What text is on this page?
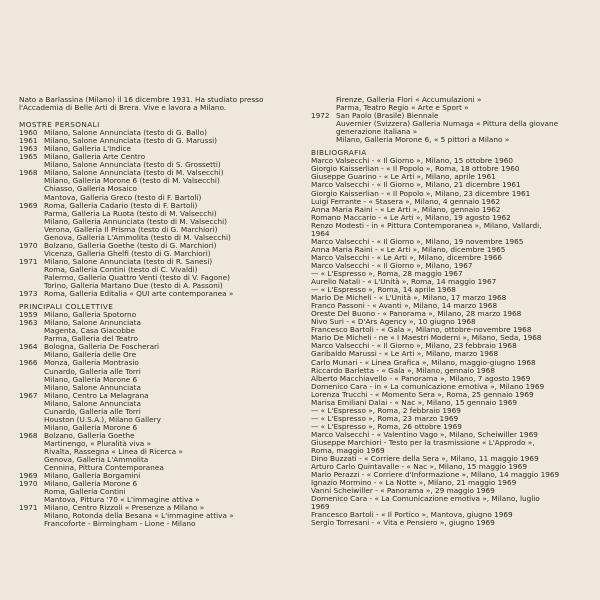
Nato a Barlassina (Milano) il 16 dicembre 1931. Ha studiato presso
l'Accademia di Belle Arti di Brera. Vive e lavora a Milano.
MOSTRE PERSONALI
1960 Milano, Salone Annunciata (testo di G. Ballo)
1961 Milano, Salone Annunciata (testo di G. Marussi)
1963 Milano, Galleria L'Indice
1965 Milano, Galleria Arte Centro
Milano, Salone Annunciata (testo di S. Grossetti)
1968 Milano, Salone Annunciata (testo di M. Valsecchi)
Milano, Galleria Morone 6 (testo di M. Valsecchi)
Chiasso, Galleria Mosaico
Mantova, Galleria Greco (testo di F. Bartoli)
1969 Roma, Galleria Cadario (testo di F. Bartoli)
Parma, Galleria La Ruota (testo di M. Valsecchi)
Milano, Galleria Annunciata (testo di M. Valsecchi)
Verona, Galleria Il Prisma (testo di G. Marchiori)
Genova, Galleria L'Ammolita (testo di M. Valsecchi)
1970 Bolzano, Galleria Goethe (testo di G. Marchiori)
Vicenza, Galleria Ghelfi (testo di G. Marchiori)
1971 Milano, Salone Annunciata (testo di R. Sanesi)
Roma, Galleria Contini (testo di C. Vivaldi)
Palermo, Galleria Quattro Venti (testo di V. Fagone)
Torino, Galleria Martano Due (testo di A. Passoni)
1973 Roma, Galleria Editalia « QUI arte contemporanea »
PRINCIPALI COLLETTIVE
1959 Milano, Galleria Spotorno
1963 Milano, Salone Annunciata
Magenta, Casa Giacobbe
Parma, Galleria del Teatro
1964 Bologna, Galleria De Foscherari
Milano, Galleria delle Ore
1966 Monza, Galleria Montrasio
Cunardo, Galleria alle Torri
Milano, Galleria Morone 6
Milano, Salone Annunciata
1967 Milano, Centro La Melagrana
Milano, Salone Annunciata
Cunardo, Galleria alle Torri
Houston (U.S.A.), Milano Gallery
Milano, Galleria Morone 6
1968 Bolzano, Galleria Goethe
Martinengo, « Pluralità viva »
Rivalta, Rassegna « Linea di Ricerca »
Genova, Galleria L'Ammolita
Cennina, Pittura Contemporanea
1969 Milano, Galleria Borgamini
1970 Milano, Galleria Morone 6
Roma, Galleria Contini
Mantova, Pittura '70 « L'immagine attiva »
1971 Milano, Centro Rizzoli « Presenze a Milano »
Milano, Rotonda della Besana « L'immagine attiva »
Francoforte - Birmingham - Lione - Milano
Firenze, Galleria Flori « Accumulazioni »
Parma, Teatro Regio « Arte e Sport »
1972 San Paolo (Brasile) Biennale
Auvernier (Svizzera) Galleria Numaga « Pittura della giovane
generazione italiana »
Milano, Galleria Morone 6, « 5 pittori a Milano »
BIBLIOGRAFIA
Marco Valsecchi - « Il Giorno », Milano, 15 ottobre 1960
Giorgio Kaisserlian - « Il Popolo », Roma, 18 ottobre 1960
Giuseppe Guarino - « Le Arti », Milano, aprile 1961
Marco Valsecchi - « Il Giorno », Milano, 21 dicembre 1961
Giorgio Kaisserlian - « Il Popolo », Milano, 23 dicembre 1961
Luigi Ferrante - « Stasera », Milano, 4 gennaio 1962
Anna Maria Raini - « Le Arti », Milano, gennaio 1962
Romano Maccario - « Le Arti », Milano, 19 agosto 1962
Renzo Modesti - in « Pittura Contemporanea », Milano, Vallardi,
1964
Marco Valsecchi - « Il Giorno », Milano, 19 novembre 1965
Anna Maria Raini - « Le Arti », Milano, dicembre 1965
Marco Valsecchi - « Le Arti », Milano, dicembre 1966
Marco Valsecchi - « Il Giorno », Milano, 1967
— « L'Espresso », Roma, 28 maggio 1967
Aurelio Natali - « L'Unità », Roma, 14 maggio 1967
— « L'Espresso », Roma, 14 aprile 1968
Mario De Micheli - « L'Unità », Milano, 17 marzo 1968
Franco Passoni - « Avanti », Milano, 14 marzo 1968
Oreste Del Buono - « Panorama », Milano, 28 marzo 1968
Nivo Suri - « D'Ars Agency », 10 giugno 1968
Francesco Bartoli - « Gala », Milano, ottobre-novembre 1968
Mario De Micheli - ne « I Maestri Moderni », Milano, Seda, 1968
Marco Valsecchi - « Il Giorno », Milano, 23 febbraio 1968
Garibaldo Marussi - « Le Arti », Milano, marzo 1968
Carlo Munari - « Linea Grafica », Milano, maggio-giugno 1968
Riccardo Barletta - « Gala », Milano, gennaio 1968
Alberto Macchiavello - « Panorama », Milano, 7 agosto 1969
Domenico Cara - in « La comunicazione emotiva », Milano 1969
Lorenza Trucchi - « Momento Sera », Roma, 25 gennaio 1969
Marisa Emiliani Dalai - « Nac », Milano, 15 gennaio 1969
— « L'Espresso », Roma, 2 febbraio 1969
— « L'Espresso », Roma, 23 marzo 1969
— « L'Espresso », Roma, 26 ottobre 1969
Marco Valsecchi - « Valentino Vago », Milano, Scheiwiller 1969
Giuseppe Marchiori - Testo per la trasmissione « L'Approdo »,
Roma, maggio 1969
Dino Buzzati - « Corriere della Sera », Milano, 11 maggio 1969
Arturo Carlo Quintavalle - « Nac », Milano, 15 maggio 1969
Mario Perazzi - « Corriere d'Informazione », Milano, 14 maggio 1969
Ignazio Mormino - « La Notte », Milano, 21 maggio 1969
Vanni Scheiwiller - « Panorama », 29 maggio 1969
Domenico Cara - « La Comunicazione emotiva », Milano, luglio
1969
Francesco Bartoli - « Il Portico », Mantova, giugno 1969
Sergio Torresani - « Vita e Pensiero », giugno 1969
